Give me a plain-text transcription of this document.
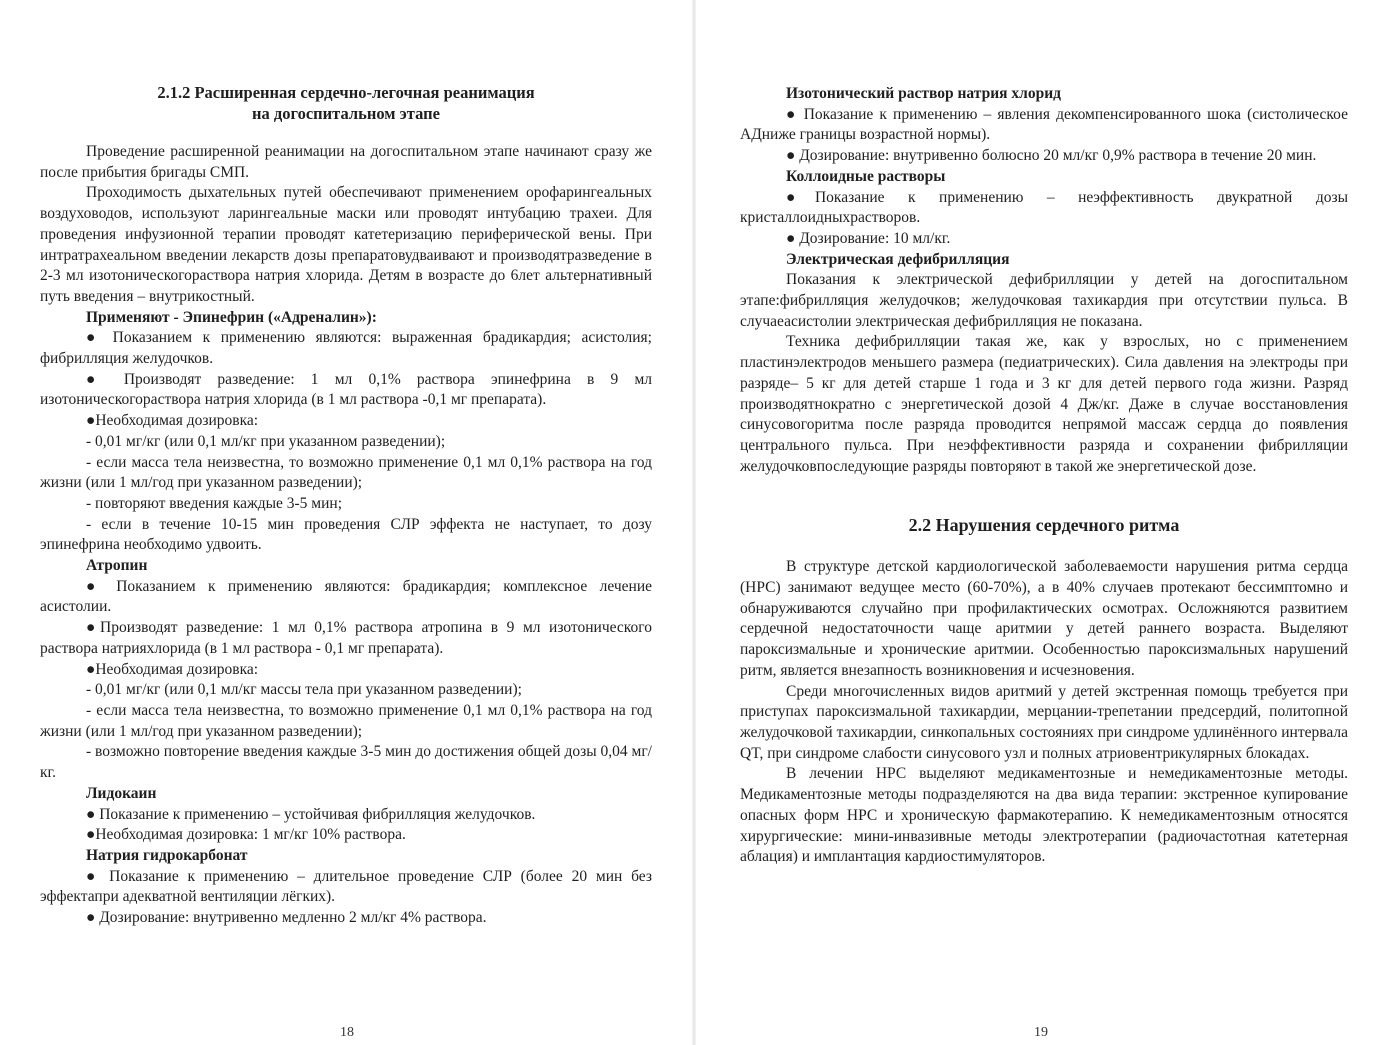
2.1.2 Расширенная сердечно-легочная реанимация
на догоспитальном этапе

Проведение расширенной реанимации на догоспитальном этапе начинают сразу же после прибытия бригады СМП.

Проходимость дыхательных путей обеспечивают применением орофарингеальных воздуховодов, используют ларингеальные маски или проводят интубацию трахеи. Для проведения инфузионной терапии проводят катетеризацию периферической вены. При интратрахеальном введении лекарств дозы препаратовудваивают и производятразведение в 2-3 мл изотоническогораствора натрия хлорида. Детям в возрасте до 6лет альтернативный путь введения – внутрикостный.

Применяют - Эпинефрин («Адреналин»):

● Показанием к применению являются: выраженная брадикардия; асистолия; фибрилляция желудочков.

● Производят разведение: 1 мл 0,1% раствора эпинефрина в 9 мл изотоническогораствора натрия хлорида (в 1 мл раствора -0,1 мг препарата).

●Необходимая дозировка:

- 0,01 мг/кг (или 0,1 мл/кг при указанном разведении);

- если масса тела неизвестна, то возможно применение 0,1 мл 0,1% раствора на год жизни (или 1 мл/год при указанном разведении);

- повторяют введения каждые 3-5 мин;

- если в течение 10-15 мин проведения СЛР эффекта не наступает, то дозу эпинефрина необходимо удвоить.

Атропин

● Показанием к применению являются: брадикардия; комплексное лечение асистолии.

●Производят разведение: 1 мл 0,1% раствора атропина в 9 мл изотонического раствора натрияхлорида (в 1 мл раствора - 0,1 мг препарата).

●Необходимая дозировка:

- 0,01 мг/кг (или 0,1 мл/кг массы тела при указанном разведении);

- если масса тела неизвестна, то возможно применение 0,1 мл 0,1% раствора на год жизни (или 1 мл/год при указанном разведении);

- возможно повторение введения каждые 3-5 мин до достижения общей дозы 0,04 мг/кг.

Лидокаин

● Показание к применению – устойчивая фибрилляция желудочков.

●Необходимая дозировка: 1 мг/кг 10% раствора.

Натрия гидрокарбонат

● Показание к применению – длительное проведение СЛР (более 20 мин без эффектапри адекватной вентиляции лёгких).

● Дозирование: внутривенно медленно 2 мл/кг 4% раствора.

18

Изотонический раствор натрия хлорид

● Показание к применению – явления декомпенсированного шока (систолическое АДниже границы возрастной нормы).

● Дозирование: внутривенно болюсно 20 мл/кг 0,9% раствора в течение 20 мин.

Коллоидные растворы

●Показание к применению – неэффективность двукратной дозы кристаллоидныхрастворов.

● Дозирование: 10 мл/кг.

Электрическая дефибрилляция

Показания к электрической дефибрилляции у детей на догоспитальном этапе:фибрилляция желудочков; желудочковая тахикардия при отсутствии пульса. В случаеасистолии электрическая дефибрилляция не показана.

Техника дефибрилляции такая же, как у взрослых, но с применением пластинэлектродов меньшего размера (педиатрических). Сила давления на электроды при разряде– 5 кг для детей старше 1 года и 3 кг для детей первого года жизни. Разряд производятнократно с энергетической дозой 4 Дж/кг. Даже в случае восстановления синусовогоритма после разряда проводится непрямой массаж сердца до появления центрального пульса. При неэффективности разряда и сохранении фибрилляции желудочковпоследующие разряды повторяют в такой же энергетической дозе.

2.2 Нарушения сердечного ритма

В структуре детской кардиологической заболеваемости нарушения ритма сердца (НРС) занимают ведущее место (60-70%), а в 40% случаев протекают бессимптомно и обнаруживаются случайно при профилактических осмотрах. Осложняются развитием сердечной недостаточности чаще аритмии у детей раннего возраста. Выделяют пароксизмальные и хронические аритмии. Особенностью пароксизмальных нарушений ритм, является внезапность возникновения и исчезновения.

Среди многочисленных видов аритмий у детей экстренная помощь требуется при приступах пароксизмальной тахикардии, мерцании-трепетании предсердий, политопной желудочковой тахикардии, синкопальных состояниях при синдроме удлинённого интервала QT, при синдроме слабости синусового узл и полных атриовентрикулярных блокадах.

В лечении НРС выделяют медикаментозные и немедикаментозные методы. Медикаментозные методы подразделяются на два вида терапии: экстренное купирование опасных форм НРС и хроническую фармакотерапию. К немедикаментозным относятся хирургические: мини-инвазивные методы электротерапии (радиочастотная катетерная аблация) и имплантация кардиостимуляторов.

19
